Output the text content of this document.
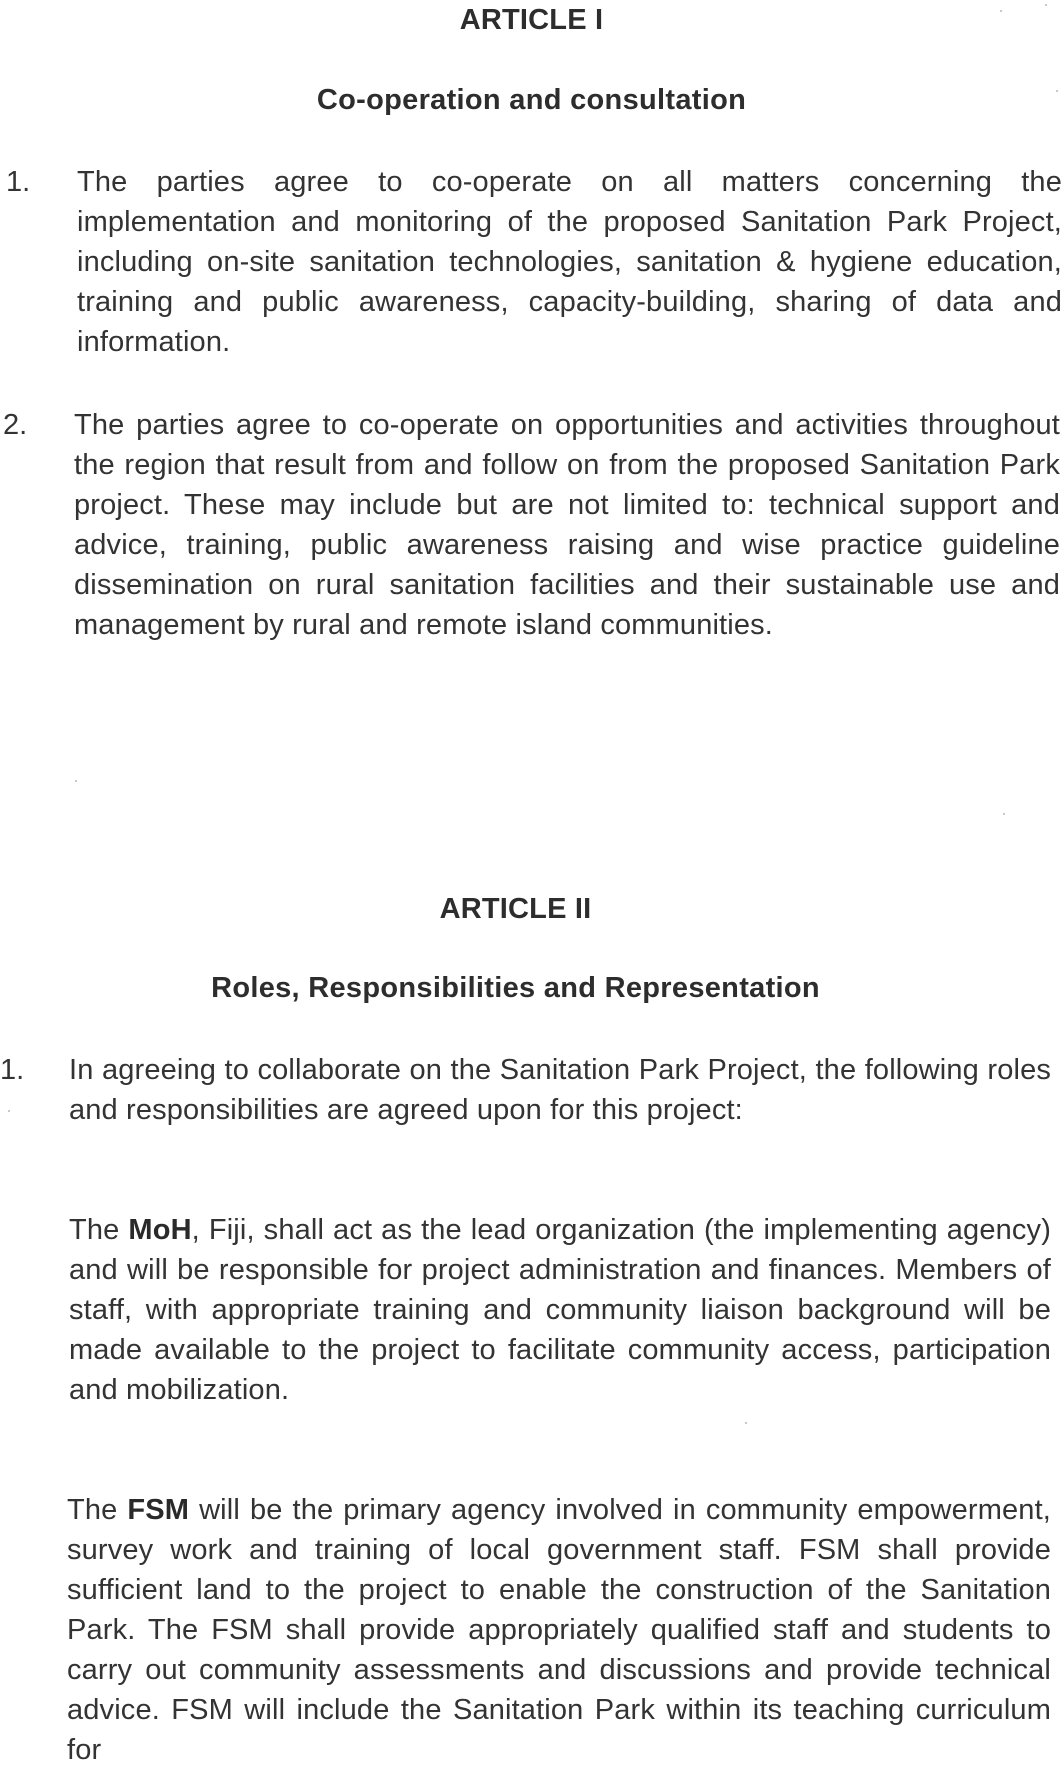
ARTICLE I
Co-operation and consultation
1. The parties agree to co-operate on all matters concerning the implementation and monitoring of the proposed Sanitation Park Project, including on-site sanitation technologies, sanitation & hygiene education, training and public awareness, capacity-building, sharing of data and information.

2. The parties agree to co-operate on opportunities and activities throughout the region that result from and follow on from the proposed Sanitation Park project. These may include but are not limited to: technical support and advice, training, public awareness raising and wise practice guideline dissemination on rural sanitation facilities and their sustainable use and management by rural and remote island communities.

ARTICLE II
Roles, Responsibilities and Representation
1. In agreeing to collaborate on the Sanitation Park Project, the following roles and responsibilities are agreed upon for this project:

The MoH, Fiji, shall act as the lead organization (the implementing agency) and will be responsible for project administration and finances. Members of staff, with appropriate training and community liaison background will be made available to the project to facilitate community access, participation and mobilization.

The FSM will be the primary agency involved in community empowerment, survey work and training of local government staff. FSM shall provide sufficient land to the project to enable the construction of the Sanitation Park. The FSM shall provide appropriately qualified staff and students to carry out community assessments and discussions and provide technical advice. FSM will include the Sanitation Park within its teaching curriculum for
